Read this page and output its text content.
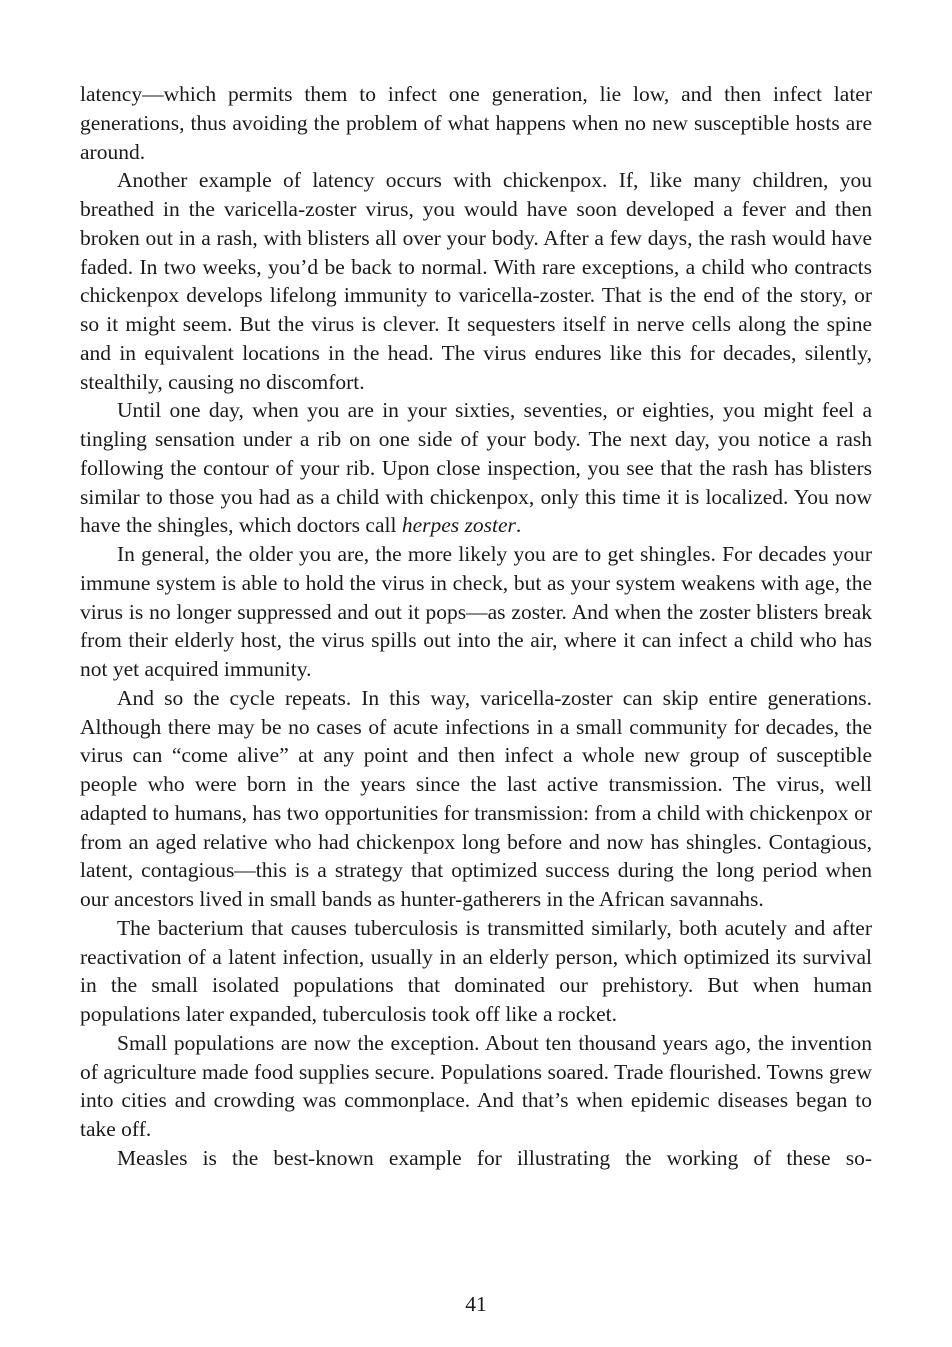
latency—which permits them to infect one generation, lie low, and then infect later generations, thus avoiding the problem of what happens when no new susceptible hosts are around.

Another example of latency occurs with chickenpox. If, like many children, you breathed in the varicella-zoster virus, you would have soon developed a fever and then broken out in a rash, with blisters all over your body. After a few days, the rash would have faded. In two weeks, you’d be back to normal. With rare exceptions, a child who contracts chickenpox develops lifelong immunity to varicella-zoster. That is the end of the story, or so it might seem. But the virus is clever. It sequesters itself in nerve cells along the spine and in equivalent locations in the head. The virus endures like this for decades, silently, stealthily, causing no discomfort.

Until one day, when you are in your sixties, seventies, or eighties, you might feel a tingling sensation under a rib on one side of your body. The next day, you notice a rash following the contour of your rib. Upon close inspection, you see that the rash has blisters similar to those you had as a child with chickenpox, only this time it is localized. You now have the shingles, which doctors call herpes zoster.

In general, the older you are, the more likely you are to get shingles. For decades your immune system is able to hold the virus in check, but as your system weakens with age, the virus is no longer suppressed and out it pops—as zoster. And when the zoster blisters break from their elderly host, the virus spills out into the air, where it can infect a child who has not yet acquired immunity.

And so the cycle repeats. In this way, varicella-zoster can skip entire generations. Although there may be no cases of acute infections in a small community for decades, the virus can “come alive” at any point and then infect a whole new group of susceptible people who were born in the years since the last active transmission. The virus, well adapted to humans, has two opportunities for transmission: from a child with chickenpox or from an aged relative who had chickenpox long before and now has shingles. Contagious, latent, contagious—this is a strategy that optimized success during the long period when our ancestors lived in small bands as hunter-gatherers in the African savannahs.

The bacterium that causes tuberculosis is transmitted similarly, both acutely and after reactivation of a latent infection, usually in an elderly person, which optimized its survival in the small isolated populations that dominated our prehistory. But when human populations later expanded, tuberculosis took off like a rocket.

Small populations are now the exception. About ten thousand years ago, the invention of agriculture made food supplies secure. Populations soared. Trade flourished. Towns grew into cities and crowding was commonplace. And that’s when epidemic diseases began to take off.

Measles is the best-known example for illustrating the working of these so-

41
